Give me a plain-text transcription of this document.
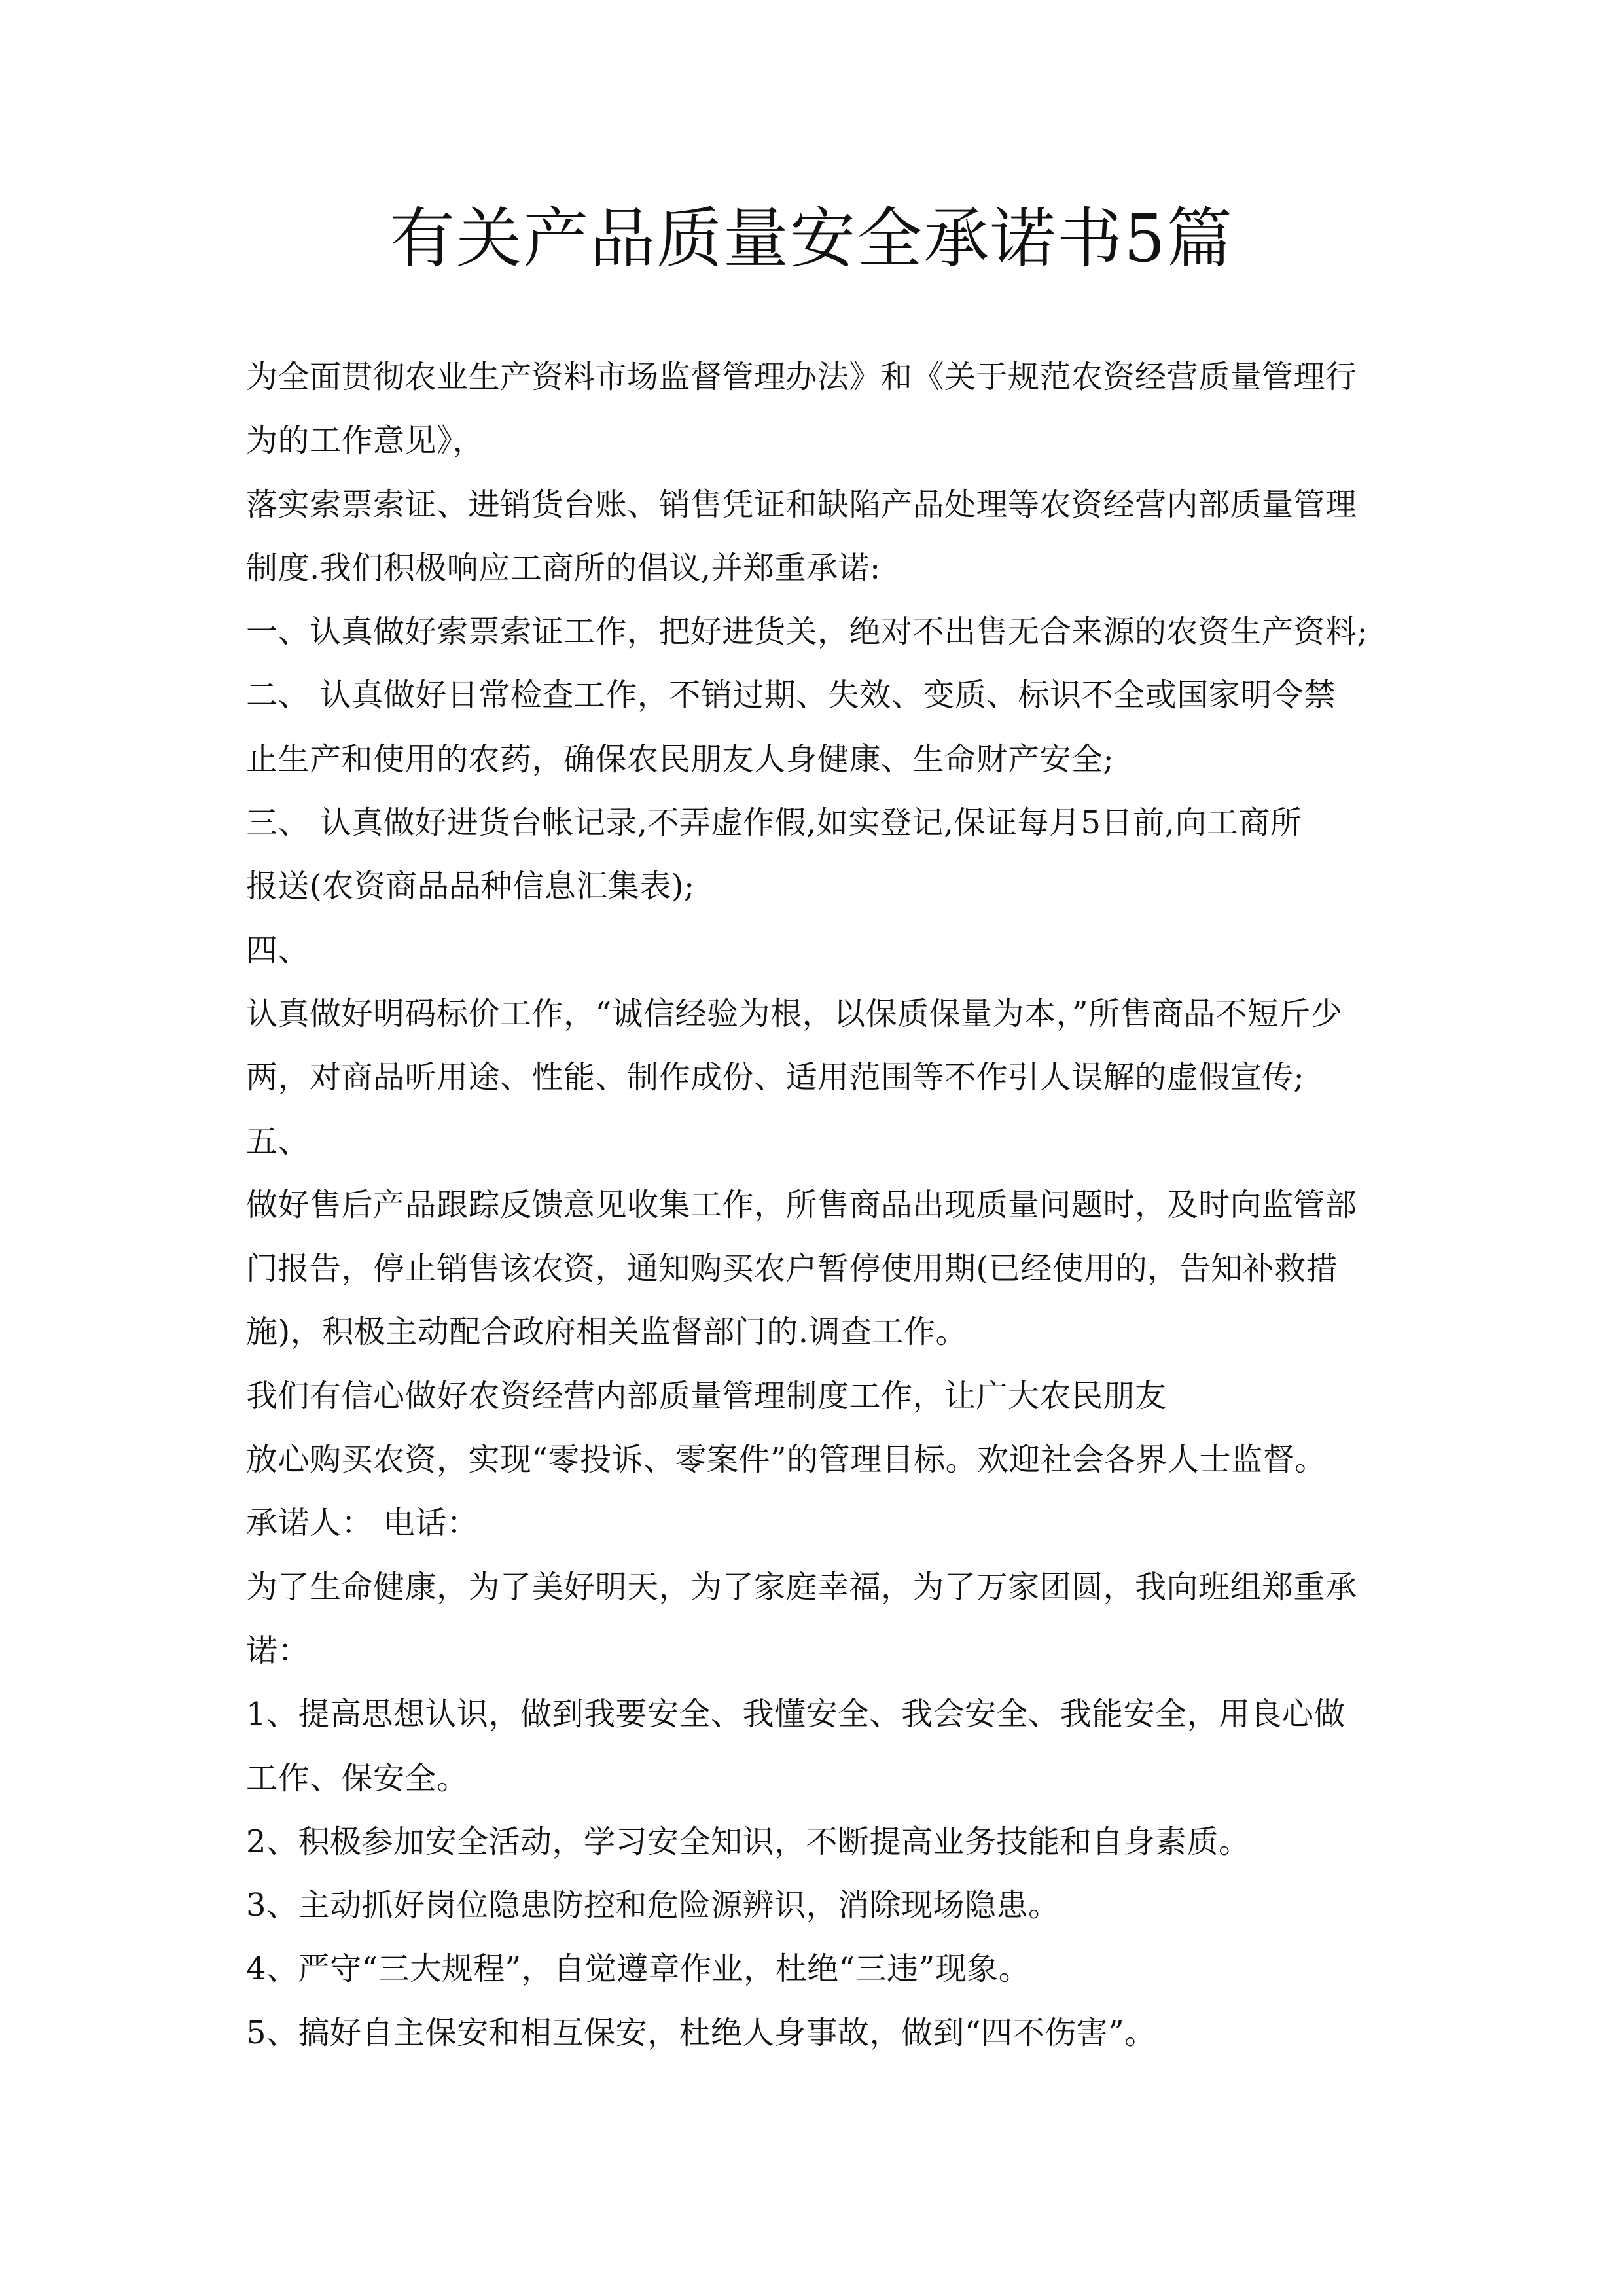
有关产品质量安全承诺书5篇
为全面贯彻农业生产资料市场监督管理办法》和《关于规范农资经营质量管理行
为的工作意见》，
落实索票索证、进销货台账、销售凭证和缺陷产品处理等农资经营内部质量管理
制度.我们积极响应工商所的倡议,并郑重承诺:
一、认真做好索票索证工作，把好进货关，绝对不出售无合来源的农资生产资料;
二、 认真做好日常检查工作，不销过期、失效、变质、标识不全或国家明令禁
止生产和使用的农药，确保农民朋友人身健康、生命财产安全;
三、 认真做好进货台帐记录,不弄虚作假,如实登记,保证每月5日前,向工商所
报送(农资商品品种信息汇集表);
四、
认真做好明码标价工作，“诚信经验为根，以保质保量为本，”所售商品不短斤少
两，对商品听用途、性能、制作成份、适用范围等不作引人误解的虚假宣传;
五、
做好售后产品跟踪反馈意见收集工作，所售商品出现质量问题时，及时向监管部
门报告，停止销售该农资，通知购买农户暂停使用期(已经使用的，告知补救措
施)，积极主动配合政府相关监督部门的.调查工作。
我们有信心做好农资经营内部质量管理制度工作，让广大农民朋友
放心购买农资，实现“零投诉、零案件”的管理目标。欢迎社会各界人士监督。
承诺人： 电话：
为了生命健康，为了美好明天，为了家庭幸福，为了万家团圆，我向班组郑重承
诺：
1、提高思想认识，做到我要安全、我懂安全、我会安全、我能安全，用良心做
工作、保安全。
2、积极参加安全活动，学习安全知识，不断提高业务技能和自身素质。
3、主动抓好岗位隐患防控和危险源辨识，消除现场隐患。
4、严守“三大规程”，自觉遵章作业，杜绝“三违”现象。
5、搞好自主保安和相互保安，杜绝人身事故，做到“四不伤害”。
